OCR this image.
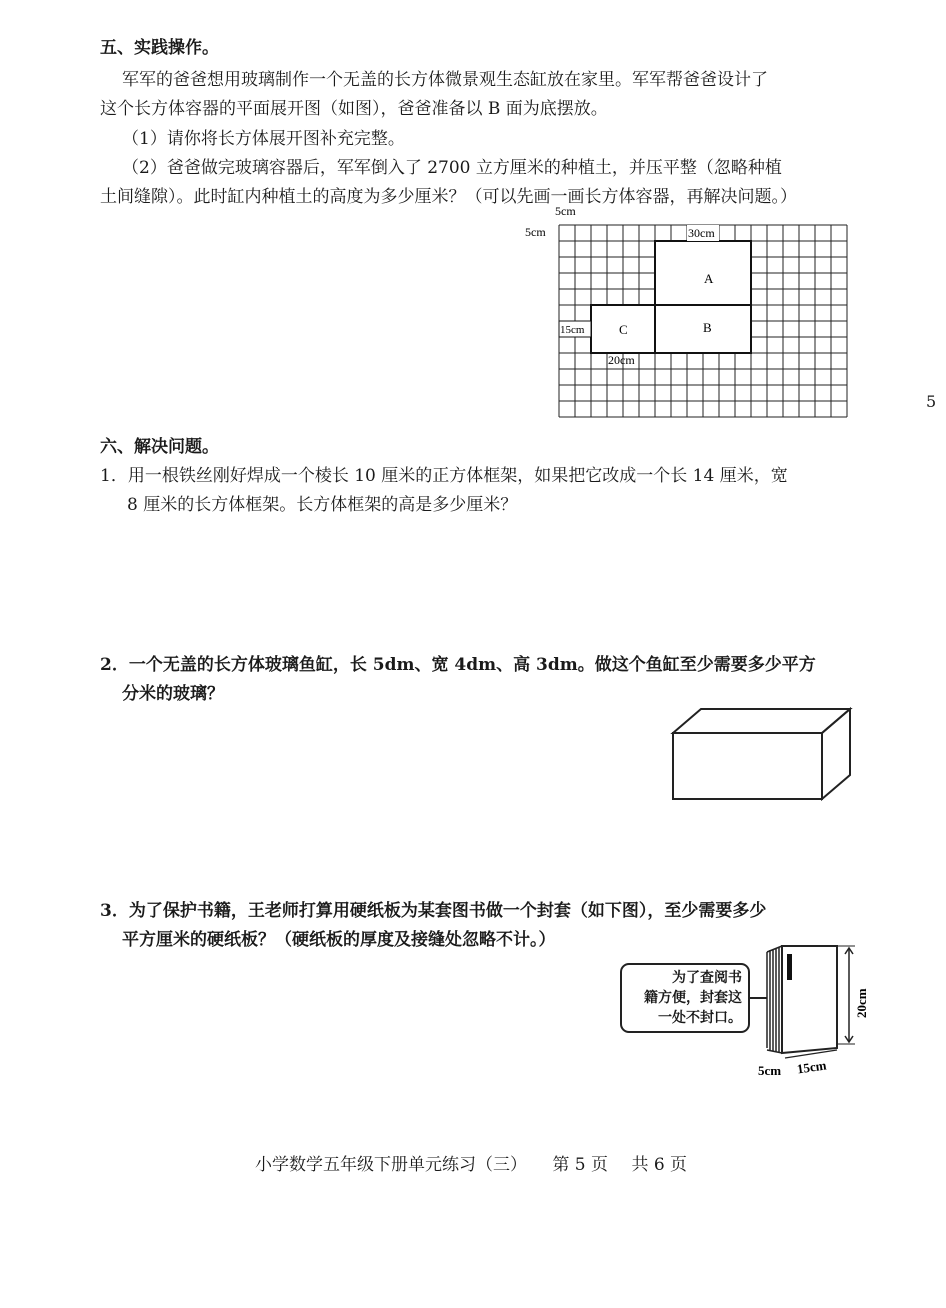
五、实践操作。
军军的爸爸想用玻璃制作一个无盖的长方体微景观生态缸放在家里。军军帮爸爸设计了
这个长方体容器的平面展开图（如图），爸爸准备以 B 面为底摆放。
（1）请你将长方体展开图补充完整。
（2）爸爸做完玻璃容器后，军军倒入了 2700 立方厘米的种植土，并压平整（忽略种植
土间缝隙）。此时缸内种植土的高度为多少厘米？（可以先画一画长方体容器，再解决问题。）
5cm
5cm	30cm
15cm
20cm
A
B
C
六、解决问题。
1．用一根铁丝刚好焊成一个棱长 10 厘米的正方体框架，如果把它改成一个长 14 厘米，宽
8 厘米的长方体框架。长方体框架的高是多少厘米？
2．一个无盖的长方体玻璃鱼缸，长 5dm、宽 4dm、高 3dm。做这个鱼缸至少需要多少平方
分米的玻璃？
3．为了保护书籍，王老师打算用硬纸板为某套图书做一个封套（如下图），至少需要多少
平方厘米的硬纸板？（硬纸板的厚度及接缝处忽略不计。）
为了查阅书
籍方便，封套这
一处不封口。	20cm
5cm 15cm
小学数学五年级下册单元练习（三） 第 5 页 共 6 页
5
